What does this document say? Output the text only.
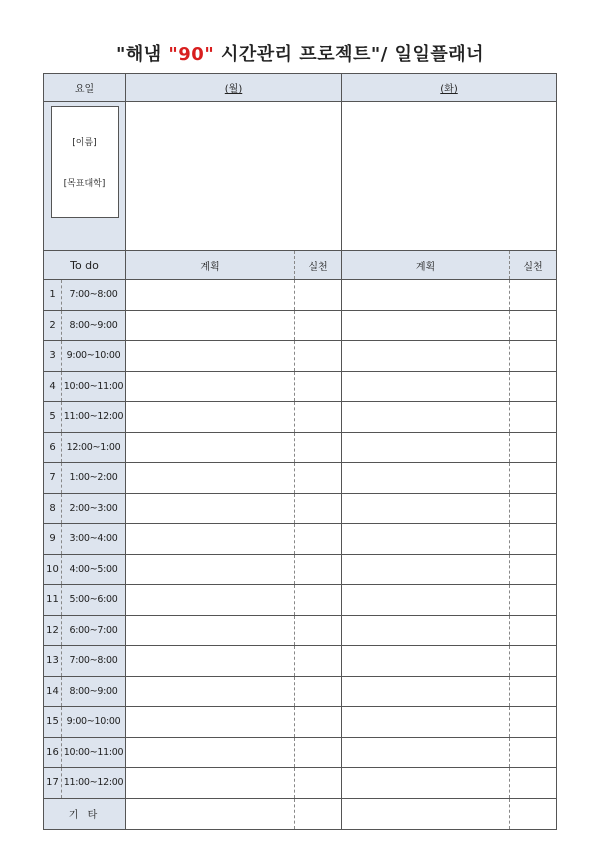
"해냄 "90" 시간관리 프로젝트"/ 일일플래너
요일		(월)		(화)	

[이름]
[목표대학]					

To do		계획	실천	계획	실천
1	7:00~8:00				
2	8:00~9:00				
3	9:00~10:00				
4	10:00~11:00				
5	11:00~12:00				
6	12:00~1:00				
7	1:00~2:00				
8	2:00~3:00				
9	3:00~4:00				
10	4:00~5:00				
11	5:00~6:00				
12	6:00~7:00				
13	7:00~8:00				
14	8:00~9:00				
15	9:00~10:00				
16	10:00~11:00				
17	11:00~12:00				
기 타					
